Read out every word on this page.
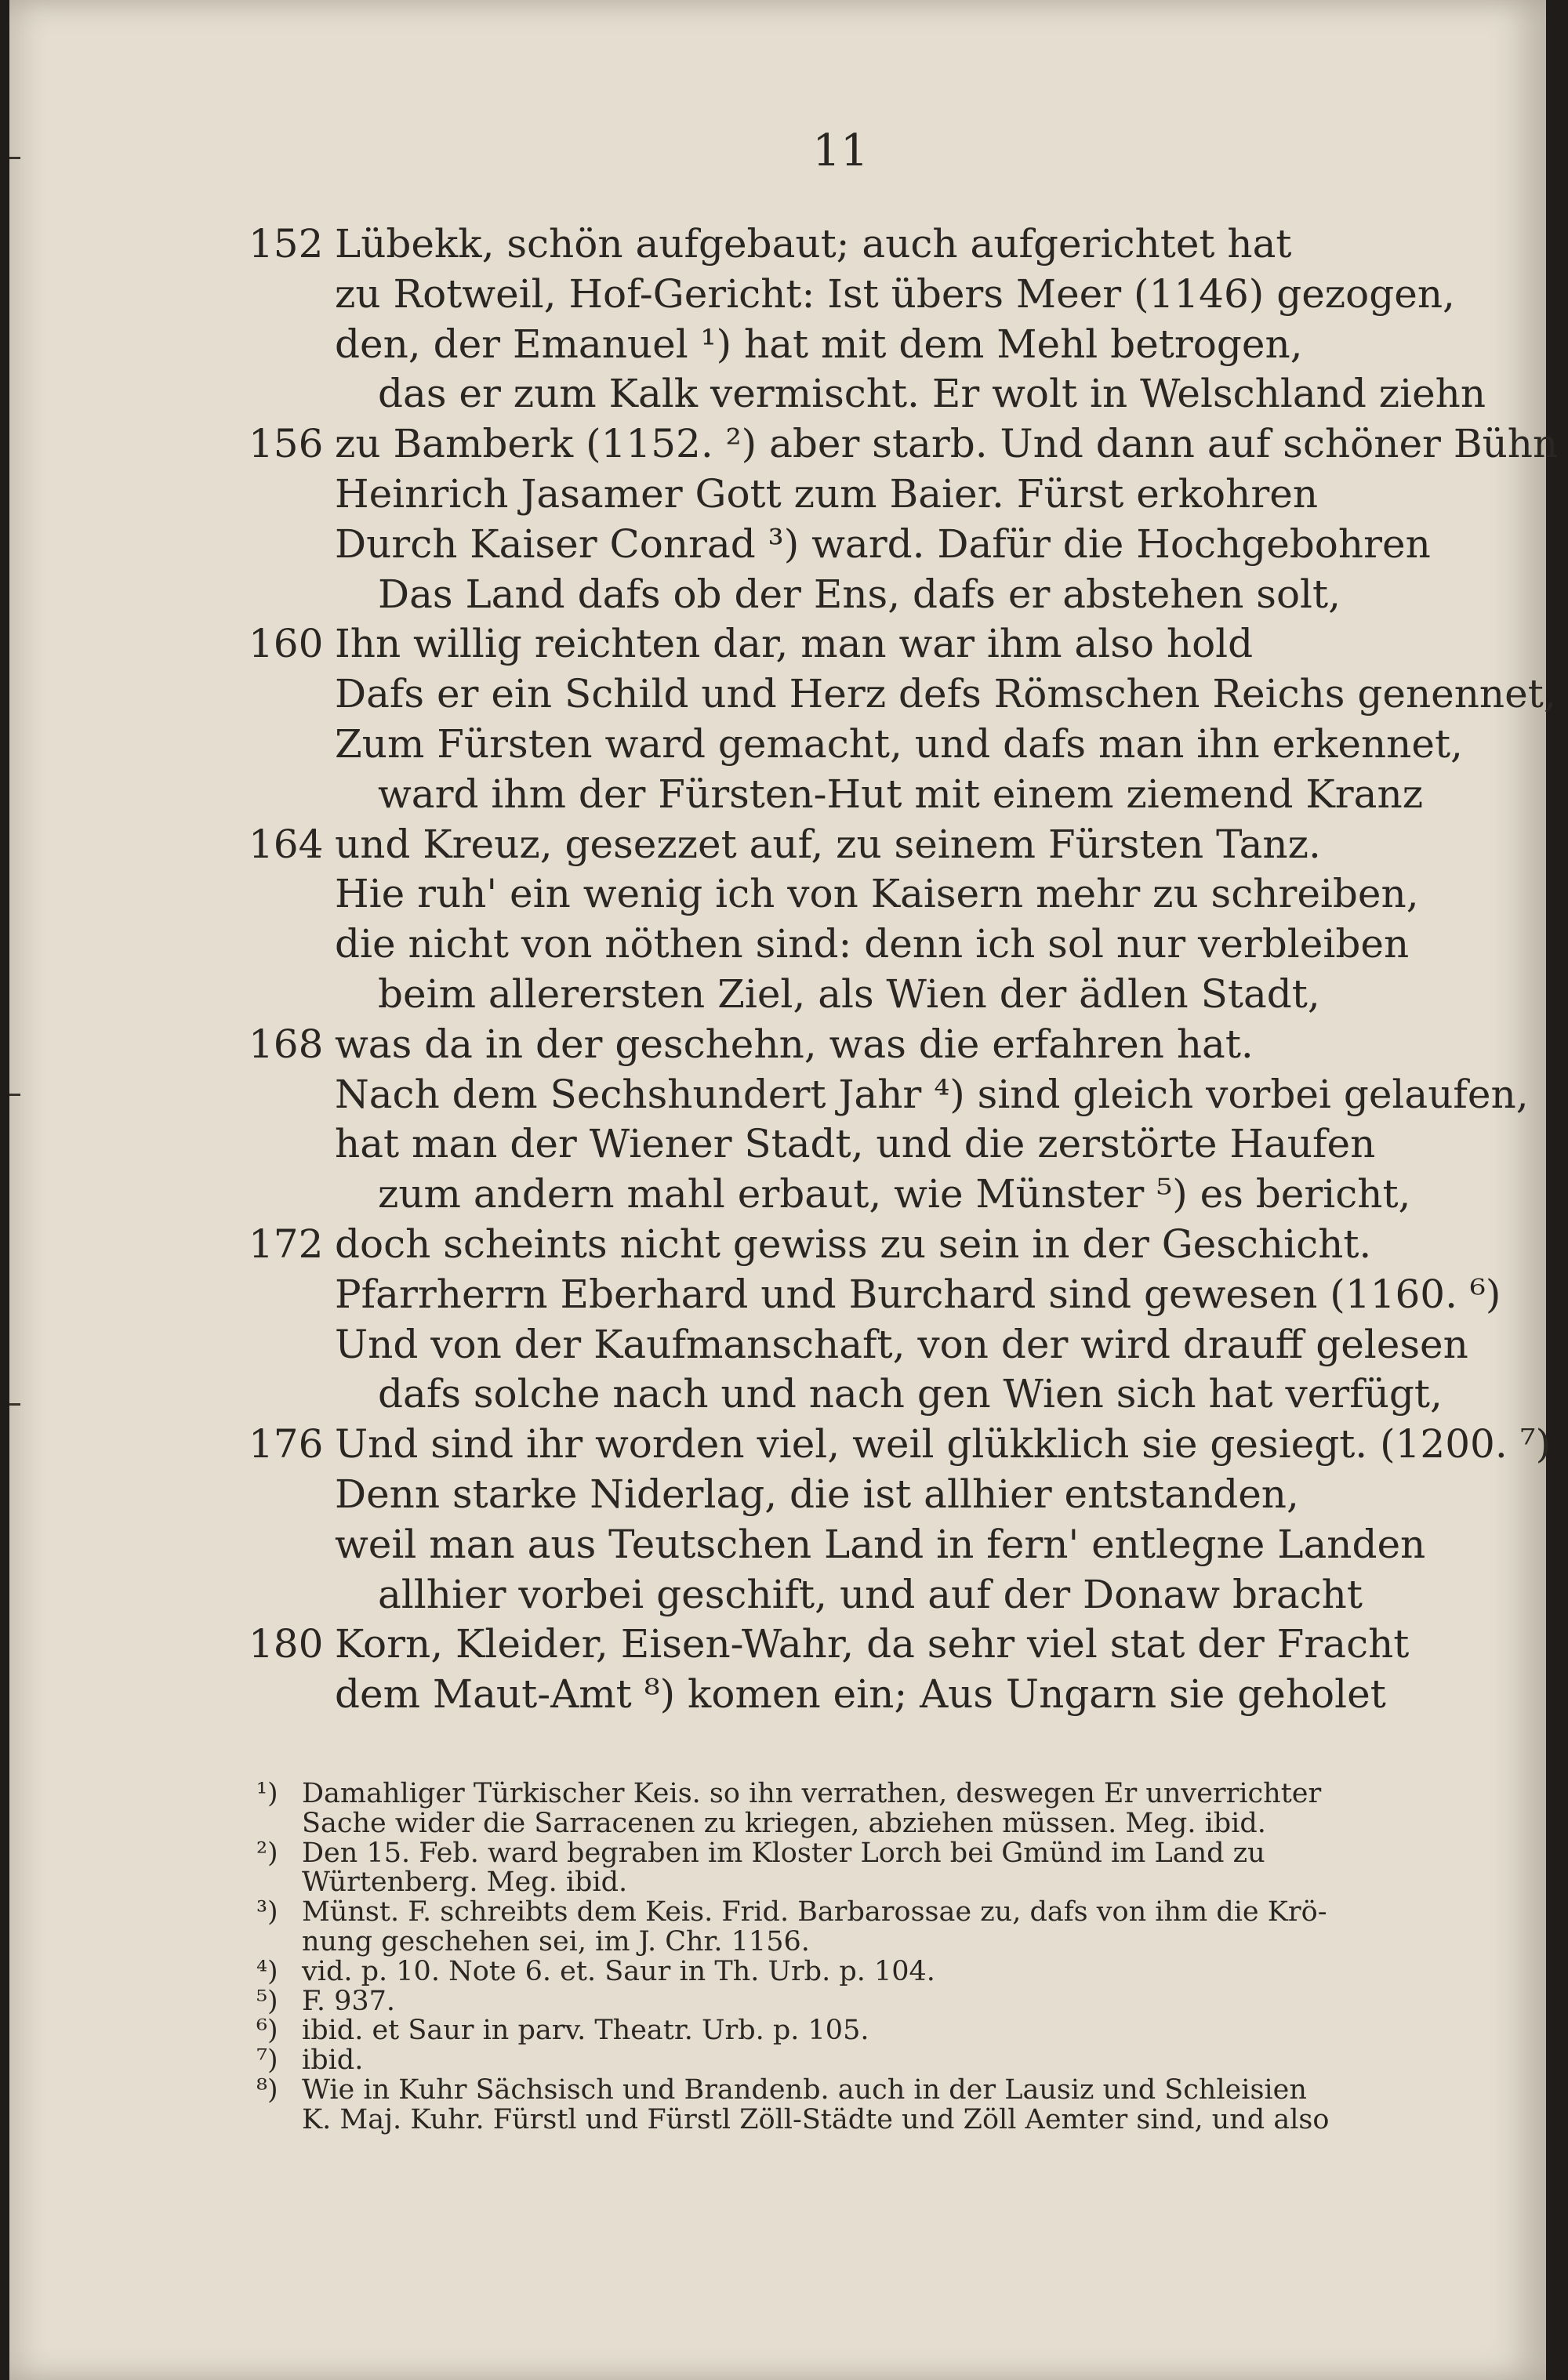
11
152 Lübekk, schön aufgebaut; auch aufgerichtet hat
zu Rotweil, Hof-Gericht: Ist übers Meer (1146) gezogen,
den, der Emanuel ¹) hat mit dem Mehl betrogen,
das er zum Kalk vermischt. Er wolt in Welschland ziehn
156 zu Bamberk (1152. ²) aber starb. Und dann auf schöner Bühn
Heinrich Jasamer Gott zum Baier. Fürst erkohren
Durch Kaiser Conrad ³) ward. Dafür die Hochgebohren
Das Land dafs ob der Ens, dafs er abstehen solt,
160 Ihn willig reichten dar, man war ihm also hold
Dafs er ein Schild und Herz defs Römschen Reichs genennet,
Zum Fürsten ward gemacht, und dafs man ihn erkennet,
ward ihm der Fürsten-Hut mit einem ziemend Kranz
164 und Kreuz, gesezzet auf, zu seinem Fürsten Tanz.
Hie ruh' ein wenig ich von Kaisern mehr zu schreiben,
die nicht von nöthen sind: denn ich sol nur verbleiben
beim allerersten Ziel, als Wien der ädlen Stadt,
168 was da in der geschehn, was die erfahren hat.
Nach dem Sechshundert Jahr ⁴) sind gleich vorbei gelaufen,
hat man der Wiener Stadt, und die zerstörte Haufen
zum andern mahl erbaut, wie Münster ⁵) es bericht,
172 doch scheints nicht gewiss zu sein in der Geschicht.
Pfarrherrn Eberhard und Burchard sind gewesen (1160. ⁶)
Und von der Kaufmanschaft, von der wird drauff gelesen
dafs solche nach und nach gen Wien sich hat verfügt,
176 Und sind ihr worden viel, weil glükklich sie gesiegt. (1200. ⁷)
Denn starke Niderlag, die ist allhier entstanden,
weil man aus Teutschen Land in fern' entlegne Landen
allhier vorbei geschift, und auf der Donaw bracht
180 Korn, Kleider, Eisen-Wahr, da sehr viel stat der Fracht
dem Maut-Amt ⁸) komen ein; Aus Ungarn sie geholet
¹) Damahliger Türkischer Keis. so ihn verrathen, deswegen Er unverrichter
Sache wider die Sarracenen zu kriegen, abziehen müssen. Meg. ibid.
²) Den 15. Feb. ward begraben im Kloster Lorch bei Gmünd im Land zu
Würtenberg. Meg. ibid.
³) Münst. F. schreibts dem Keis. Frid. Barbarossae zu, dafs von ihm die Krö-
nung geschehen sei, im J. Chr. 1156.
⁴) vid. p. 10. Note 6. et. Saur in Th. Urb. p. 104.
⁵) F. 937.
⁶) ibid. et Saur in parv. Theatr. Urb. p. 105.
⁷) ibid.
⁸) Wie in Kuhr Sächsisch und Brandenb. auch in der Lausiz und Schleisien
K. Maj. Kuhr. Fürstl und Fürstl Zöll-Städte und Zöll Aemter sind, und also
